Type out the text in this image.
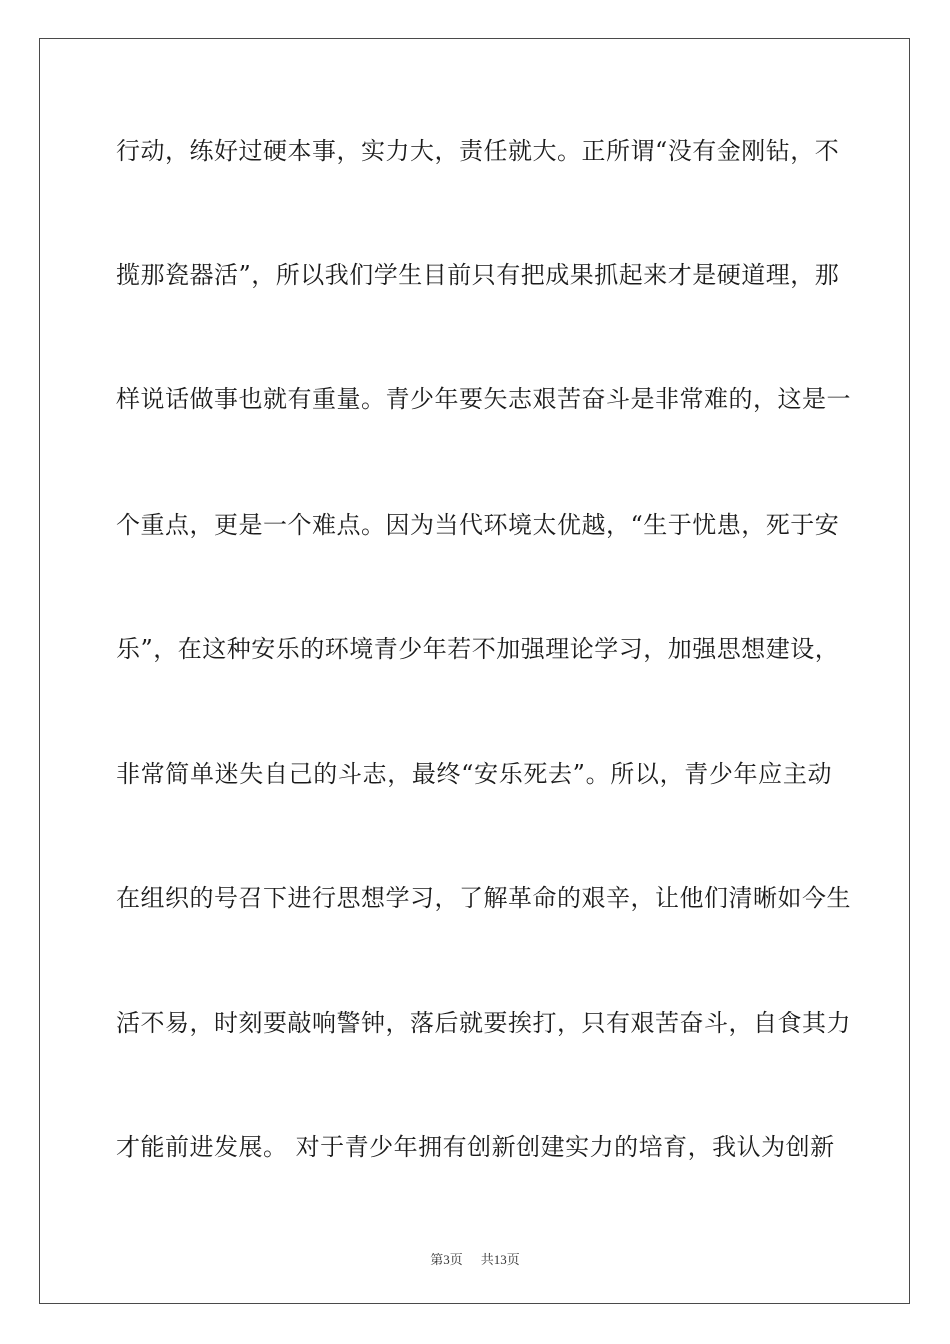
行动，练好过硬本事，实力大，责任就大。正所谓“没有金刚钻，不
揽那瓷器活”，所以我们学生目前只有把成果抓起来才是硬道理，那
样说话做事也就有重量。青少年要矢志艰苦奋斗是非常难的，这是一
个重点，更是一个难点。因为当代环境太优越，“生于忧患，死于安
乐”，在这种安乐的环境青少年若不加强理论学习，加强思想建设，
非常简单迷失自己的斗志，最终“安乐死去”。所以，青少年应主动
在组织的号召下进行思想学习，了解革命的艰辛，让他们清晰如今生
活不易，时刻要敲响警钟，落后就要挨打，只有艰苦奋斗，自食其力
才能前进发展。 对于青少年拥有创新创建实力的培育，我认为创新
第3页 共13页
